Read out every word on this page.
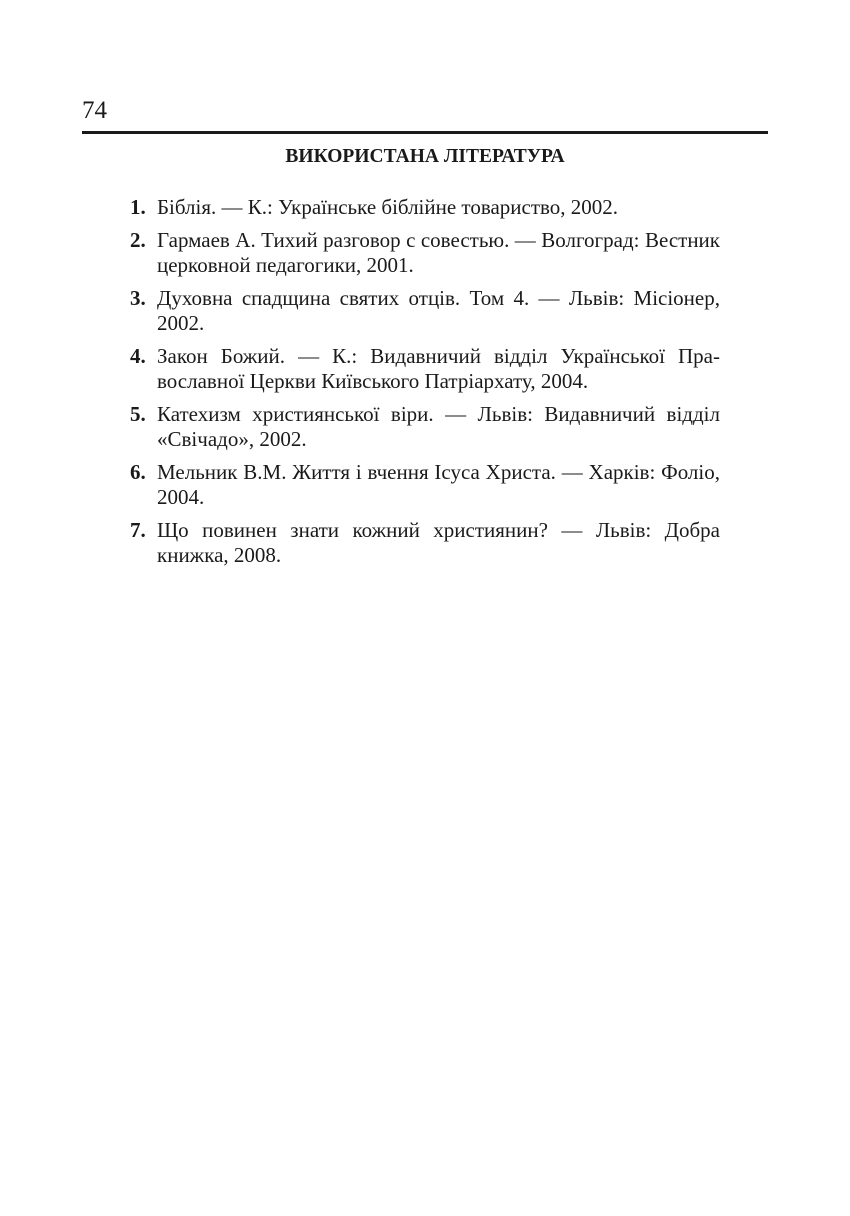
74
ВИКОРИСТАНА ЛІТЕРАТУРА
1. Біблія. — К.: Українське біблійне товариство, 2002.
2. Гармаев А. Тихий разговор с совестью. — Волгоград: Вестник церковной педагогики, 2001.
3. Духовна спадщина святих отців. Том 4. — Львів: Місіонер, 2002.
4. Закон Божий. — К.: Видавничий відділ Української Православної Церкви Київського Патріархату, 2004.
5. Катехизм християнської віри. — Львів: Видавничий відділ «Свічадо», 2002.
6. Мельник В.М. Життя і вчення Ісуса Христа. — Харків: Фоліо, 2004.
7. Що повинен знати кожний християнин? — Львів: Добра книжка, 2008.
